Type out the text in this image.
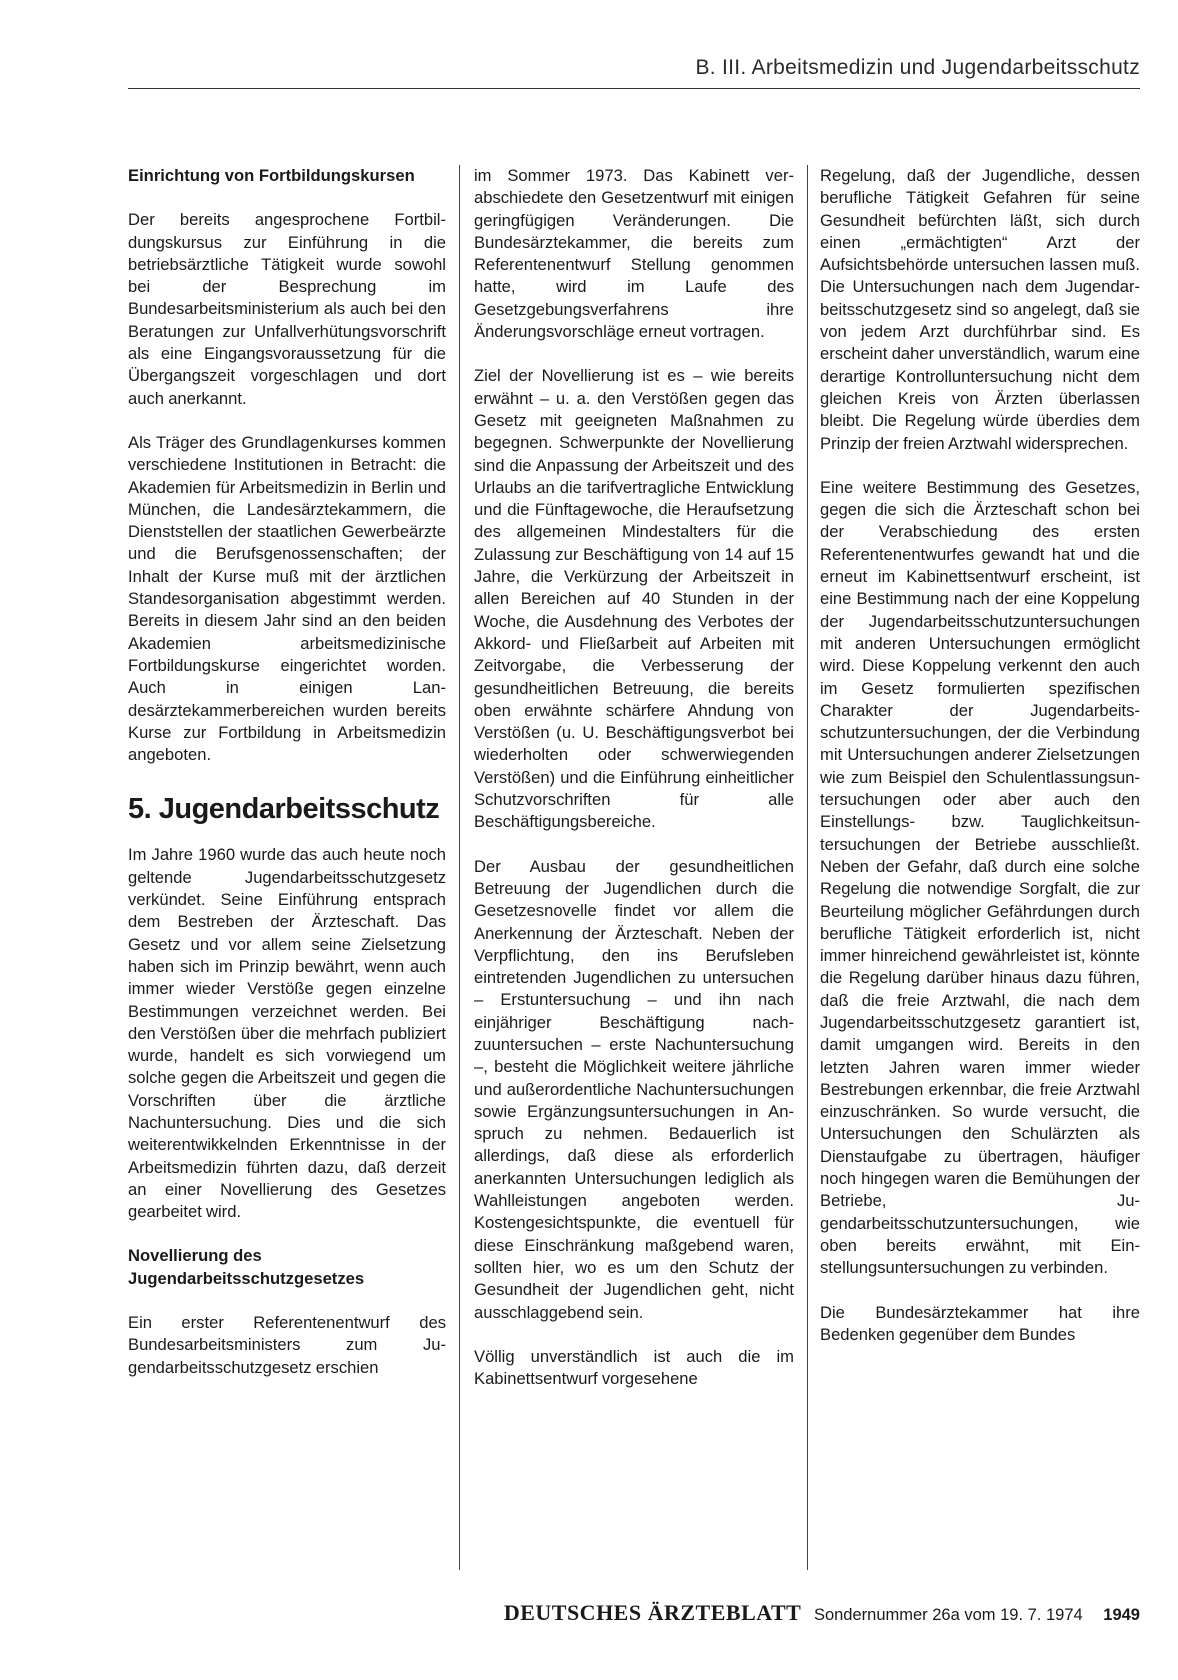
B. III. Arbeitsmedizin und Jugendarbeitsschutz
Einrichtung von Fortbildungskursen

Der bereits angesprochene Fortbildungskursus zur Einführung in die betriebsärztliche Tätigkeit wurde sowohl bei der Besprechung im Bundesarbeitsministerium als auch bei den Beratungen zur Unfallverhütungsvorschrift als eine Eingangsvoraussetzung für die Übergangszeit vorgeschlagen und dort auch anerkannt.

Als Träger des Grundlagenkurses kommen verschiedene Institutionen in Betracht: die Akademien für Arbeitsmedizin in Berlin und München, die Landesärztekammern, die Dienststellen der staatlichen Gewerbeärzte und die Berufsgenossenschaften; der Inhalt der Kurse muß mit der ärztlichen Standesorganisation abgestimmt werden. Bereits in diesem Jahr sind an den beiden Akademien arbeitsmedizinische Fortbildungskurse eingerichtet worden. Auch in einigen Landesärztekammerbereichen wurden bereits Kurse zur Fortbildung in Arbeitsmedizin angeboten.

5. Jugendarbeitsschutz

Im Jahre 1960 wurde das auch heute noch geltende Jugendarbeitsschutzgesetz verkündet. Seine Einführung entsprach dem Bestreben der Ärzteschaft. Das Gesetz und vor allem seine Zielsetzung haben sich im Prinzip bewährt, wenn auch immer wieder Verstöße gegen einzelne Bestimmungen verzeichnet werden. Bei den Verstößen über die mehrfach publiziert wurde, handelt es sich vorwiegend um solche gegen die Arbeitszeit und gegen die Vorschriften über die ärztliche Nachuntersuchung. Dies und die sich weiterentwikkelnden Erkenntnisse in der Arbeitsmedizin führten dazu, daß derzeit an einer Novellierung des Gesetzes gearbeitet wird.

Novellierung des Jugendarbeitsschutzgesetzes

Ein erster Referentenentwurf des Bundesarbeitsministers zum Jugendarbeitsschutzgesetz erschien

im Sommer 1973. Das Kabinett verabschiedete den Gesetzentwurf mit einigen geringfügigen Veränderungen. Die Bundesärztekammer, die bereits zum Referentenentwurf Stellung genommen hatte, wird im Laufe des Gesetzgebungsverfahrens ihre Änderungsvorschläge erneut vortragen.

Ziel der Novellierung ist es – wie bereits erwähnt – u. a. den Verstößen gegen das Gesetz mit geeigneten Maßnahmen zu begegnen. Schwerpunkte der Novellierung sind die Anpassung der Arbeitszeit und des Urlaubs an die tarifvertragliche Entwicklung und die Fünftagewoche, die Heraufsetzung des allgemeinen Mindestalters für die Zulassung zur Beschäftigung von 14 auf 15 Jahre, die Verkürzung der Arbeitszeit in allen Bereichen auf 40 Stunden in der Woche, die Ausdehnung des Verbotes der Akkord- und Fließarbeit auf Arbeiten mit Zeitvorgabe, die Verbesserung der gesundheitlichen Betreuung, die bereits oben erwähnte schärfere Ahndung von Verstößen (u. U. Beschäftigungsverbot bei wiederholten oder schwerwiegenden Verstößen) und die Einführung einheitlicher Schutzvorschriften für alle Beschäftigungsbereiche.

Der Ausbau der gesundheitlichen Betreuung der Jugendlichen durch die Gesetzesnovelle findet vor allem die Anerkennung der Ärzteschaft. Neben der Verpflichtung, den ins Berufsleben eintretenden Jugendlichen zu untersuchen – Erstuntersuchung – und ihn nach einjähriger Beschäftigung nachzuuntersuchen – erste Nachuntersuchung –, besteht die Möglichkeit weitere jährliche und außerordentliche Nachuntersuchungen sowie Ergänzungsuntersuchungen in Anspruch zu nehmen. Bedauerlich ist allerdings, daß diese als erforderlich anerkannten Untersuchungen lediglich als Wahlleistungen angeboten werden. Kostengesichtspunkte, die eventuell für diese Einschränkung maßgebend waren, sollten hier, wo es um den Schutz der Gesundheit der Jugendlichen geht, nicht ausschlaggebend sein.

Völlig unverständlich ist auch die im Kabinettsentwurf vorgesehene

Regelung, daß der Jugendliche, dessen berufliche Tätigkeit Gefahren für seine Gesundheit befürchten läßt, sich durch einen „ermächtigten“ Arzt der Aufsichtsbehörde untersuchen lassen muß. Die Untersuchungen nach dem Jugendarbeitsschutzgesetz sind so angelegt, daß sie von jedem Arzt durchführbar sind. Es erscheint daher unverständlich, warum eine derartige Kontrolluntersuchung nicht dem gleichen Kreis von Ärzten überlassen bleibt. Die Regelung würde überdies dem Prinzip der freien Arztwahl widersprechen.

Eine weitere Bestimmung des Gesetzes, gegen die sich die Ärzteschaft schon bei der Verabschiedung des ersten Referentenentwurfes gewandt hat und die erneut im Kabinettsentwurf erscheint, ist eine Bestimmung nach der eine Koppelung der Jugendarbeitsschutzuntersuchungen mit anderen Untersuchungen ermöglicht wird. Diese Koppelung verkennt den auch im Gesetz formulierten spezifischen Charakter der Jugendarbeitsschutzuntersuchungen, der die Verbindung mit Untersuchungen anderer Zielsetzungen wie zum Beispiel den Schulentlassungsuntersuchungen oder aber auch den Einstellungs- bzw. Tauglichkeitsuntersuchungen der Betriebe ausschließt. Neben der Gefahr, daß durch eine solche Regelung die notwendige Sorgfalt, die zur Beurteilung möglicher Gefährdungen durch berufliche Tätigkeit erforderlich ist, nicht immer hinreichend gewährleistet ist, könnte die Regelung darüber hinaus dazu führen, daß die freie Arztwahl, die nach dem Jugendarbeitsschutzgesetz garantiert ist, damit umgangen wird. Bereits in den letzten Jahren waren immer wieder Bestrebungen erkennbar, die freie Arztwahl einzuschränken. So wurde versucht, die Untersuchungen den Schulärzten als Dienstaufgabe zu übertragen, häufiger noch hingegen waren die Bemühungen der Betriebe, Jugendarbeitsschutzuntersuchungen, wie oben bereits erwähnt, mit Einstellungsuntersuchungen zu verbinden.

Die Bundesärztekammer hat ihre Bedenken gegenüber dem Bundes

DEUTSCHES ÄRZTEBLATT Sondernummer 26a vom 19. 7. 1974 1949
